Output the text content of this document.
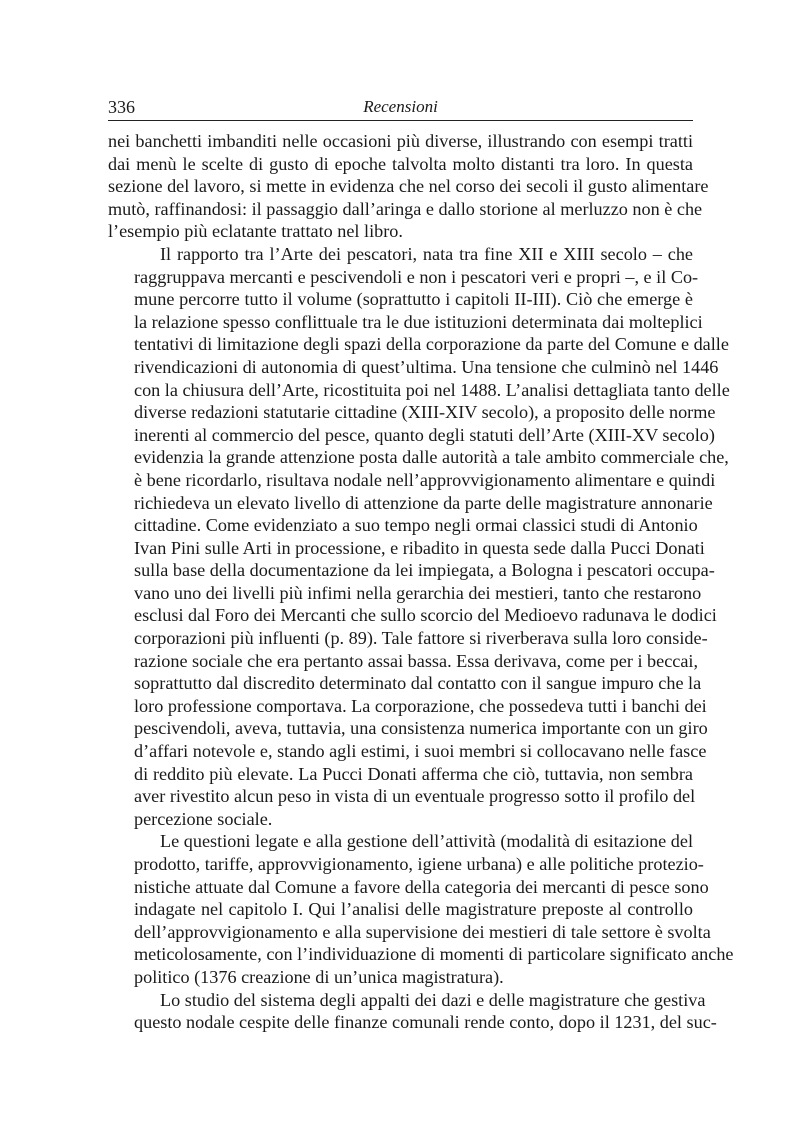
336	Recensioni
nei banchetti imbanditi nelle occasioni più diverse, illustrando con esempi tratti
dai menù le scelte di gusto di epoche talvolta molto distanti tra loro. In questa
sezione del lavoro, si mette in evidenza che nel corso dei secoli il gusto alimentare
mutò, raffinandosi: il passaggio dall’aringa e dallo storione al merluzzo non è che
l’esempio più eclatante trattato nel libro.
Il rapporto tra l’Arte dei pescatori, nata tra fine XII e XIII secolo – che
raggruppava mercanti e pescivendoli e non i pescatori veri e propri –, e il Co-
mune percorre tutto il volume (soprattutto i capitoli II-III). Ciò che emerge è
la relazione spesso conflittuale tra le due istituzioni determinata dai molteplici
tentativi di limitazione degli spazi della corporazione da parte del Comune e dalle
rivendicazioni di autonomia di quest’ultima. Una tensione che culminò nel 1446
con la chiusura dell’Arte, ricostituita poi nel 1488. L’analisi dettagliata tanto delle
diverse redazioni statutarie cittadine (XIII-XIV secolo), a proposito delle norme
inerenti al commercio del pesce, quanto degli statuti dell’Arte (XIII-XV secolo)
evidenzia la grande attenzione posta dalle autorità a tale ambito commerciale che,
è bene ricordarlo, risultava nodale nell’approvvigionamento alimentare e quindi
richiedeva un elevato livello di attenzione da parte delle magistrature annonarie
cittadine. Come evidenziato a suo tempo negli ormai classici studi di Antonio
Ivan Pini sulle Arti in processione, e ribadito in questa sede dalla Pucci Donati
sulla base della documentazione da lei impiegata, a Bologna i pescatori occupa-
vano uno dei livelli più infimi nella gerarchia dei mestieri, tanto che restarono
esclusi dal Foro dei Mercanti che sullo scorcio del Medioevo radunava le dodici
corporazioni più influenti (p. 89). Tale fattore si riverberava sulla loro conside-
razione sociale che era pertanto assai bassa. Essa derivava, come per i beccai,
soprattutto dal discredito determinato dal contatto con il sangue impuro che la
loro professione comportava. La corporazione, che possedeva tutti i banchi dei
pescivendoli, aveva, tuttavia, una consistenza numerica importante con un giro
d’affari notevole e, stando agli estimi, i suoi membri si collocavano nelle fasce
di reddito più elevate. La Pucci Donati afferma che ciò, tuttavia, non sembra
aver rivestito alcun peso in vista di un eventuale progresso sotto il profilo del
percezione sociale.
Le questioni legate e alla gestione dell’attività (modalità di esitazione del
prodotto, tariffe, approvvigionamento, igiene urbana) e alle politiche protezio-
nistiche attuate dal Comune a favore della categoria dei mercanti di pesce sono
indagate nel capitolo I. Qui l’analisi delle magistrature preposte al controllo
dell’approvvigionamento e alla supervisione dei mestieri di tale settore è svolta
meticolosamente, con l’individuazione di momenti di particolare significato anche
politico (1376 creazione di un’unica magistratura).
Lo studio del sistema degli appalti dei dazi e delle magistrature che gestiva
questo nodale cespite delle finanze comunali rende conto, dopo il 1231, del suc-
